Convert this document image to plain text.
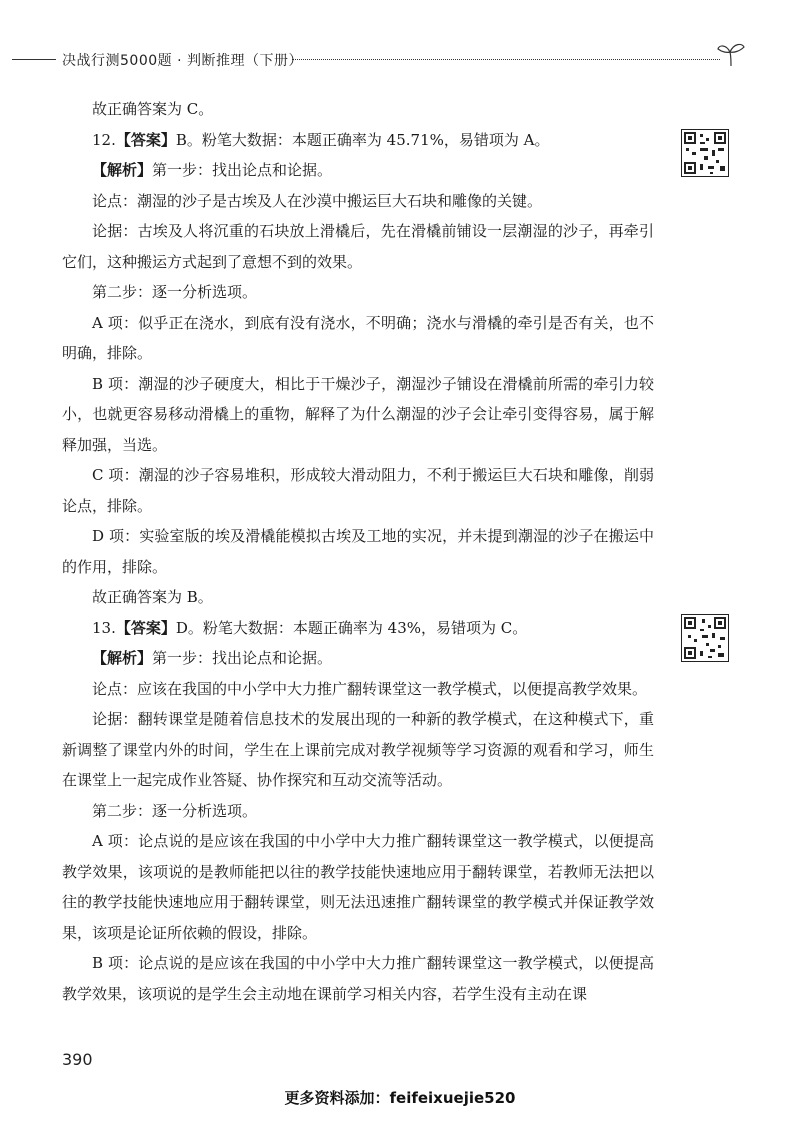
决战行测5000题 · 判断推理（下册）

故正确答案为 C。

12.【答案】B。粉笔大数据：本题正确率为 45.71%，易错项为 A。

【解析】第一步：找出论点和论据。

论点：潮湿的沙子是古埃及人在沙漠中搬运巨大石块和雕像的关键。

论据：古埃及人将沉重的石块放上滑橇后，先在滑橇前铺设一层潮湿的沙子，再牵引它们，这种搬运方式起到了意想不到的效果。

第二步：逐一分析选项。

A 项：似乎正在浇水，到底有没有浇水，不明确；浇水与滑橇的牵引是否有关，也不明确，排除。

B 项：潮湿的沙子硬度大，相比于干燥沙子，潮湿沙子铺设在滑橇前所需的牵引力较小，也就更容易移动滑橇上的重物，解释了为什么潮湿的沙子会让牵引变得容易，属于解释加强，当选。

C 项：潮湿的沙子容易堆积，形成较大滑动阻力，不利于搬运巨大石块和雕像，削弱论点，排除。

D 项：实验室版的埃及滑橇能模拟古埃及工地的实况，并未提到潮湿的沙子在搬运中的作用，排除。

故正确答案为 B。

13.【答案】D。粉笔大数据：本题正确率为 43%，易错项为 C。

【解析】第一步：找出论点和论据。

论点：应该在我国的中小学中大力推广翻转课堂这一教学模式，以便提高教学效果。

论据：翻转课堂是随着信息技术的发展出现的一种新的教学模式，在这种模式下，重新调整了课堂内外的时间，学生在上课前完成对教学视频等学习资源的观看和学习，师生在课堂上一起完成作业答疑、协作探究和互动交流等活动。

第二步：逐一分析选项。

A 项：论点说的是应该在我国的中小学中大力推广翻转课堂这一教学模式，以便提高教学效果，该项说的是教师能把以往的教学技能快速地应用于翻转课堂，若教师无法把以往的教学技能快速地应用于翻转课堂，则无法迅速推广翻转课堂的教学模式并保证教学效果，该项是论证所依赖的假设，排除。

B 项：论点说的是应该在我国的中小学中大力推广翻转课堂这一教学模式，以便提高教学效果，该项说的是学生会主动地在课前学习相关内容，若学生没有主动在课

390
更多资料添加：feifeixuejie520
